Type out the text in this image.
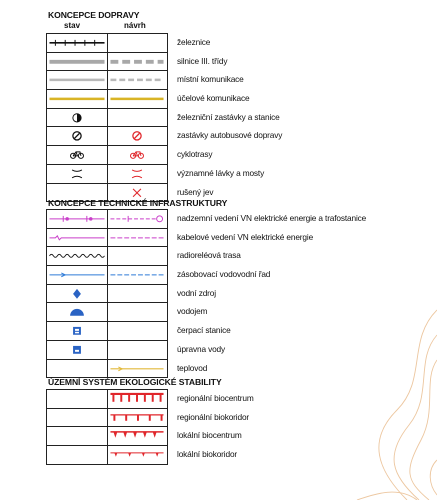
KONCEPCE DOPRAVY
stav	návrh
železnice
silnice III. třídy
místní komunikace
účelové komunikace
železniční zastávky a stanice
zastávky autobusové dopravy
cyklotrasy
významné lávky a mosty
rušený jev
KONCEPCE TECHNICKÉ INFRASTRUKTURY
nadzemní vedení VN elektrické energie a trafostanice
kabelové vedení VN elektrické energie
radioreléová trasa
zásobovací vodovodní řad
vodní zdroj
vodojem
čerpací stanice
úpravna vody
teplovod
ÚZEMNÍ SYSTÉM EKOLOGICKÉ STABILITY
regionální biocentrum
regionální biokoridor
lokální biocentrum
lokální biokoridor
